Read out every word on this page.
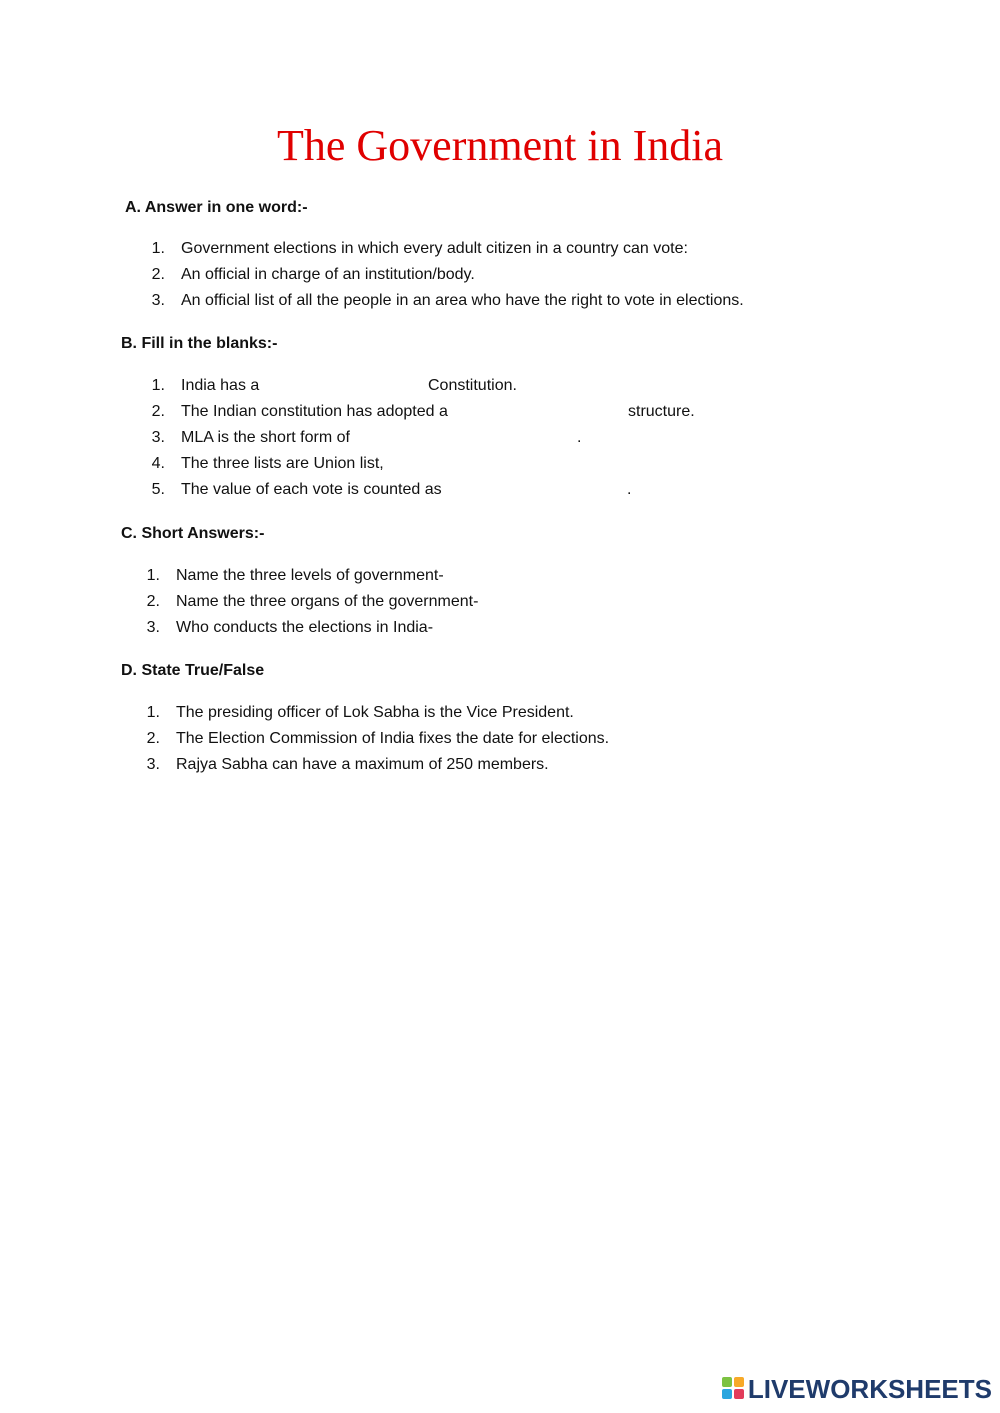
The Government in India
A. Answer in one word:-
1. Government elections in which every adult citizen in a country can vote:
2. An official in charge of an institution/body.
3. An official list of all the people in an area who have the right to vote in elections.
B. Fill in the blanks:-
1. India has a	Constitution.
2. The Indian constitution has adopted a	structure.
3. MLA is the short form of	.
4. The three lists are Union list,
5. The value of each vote is counted as	.
C. Short Answers:-
1. Name the three levels of government-
2. Name the three organs of the government-
3. Who conducts the elections in India-
D. State True/False
1. The presiding officer of Lok Sabha is the Vice President.
2. The Election Commission of India fixes the date for elections.
3. Rajya Sabha can have a maximum of 250 members.
LIVEWORKSHEETS
